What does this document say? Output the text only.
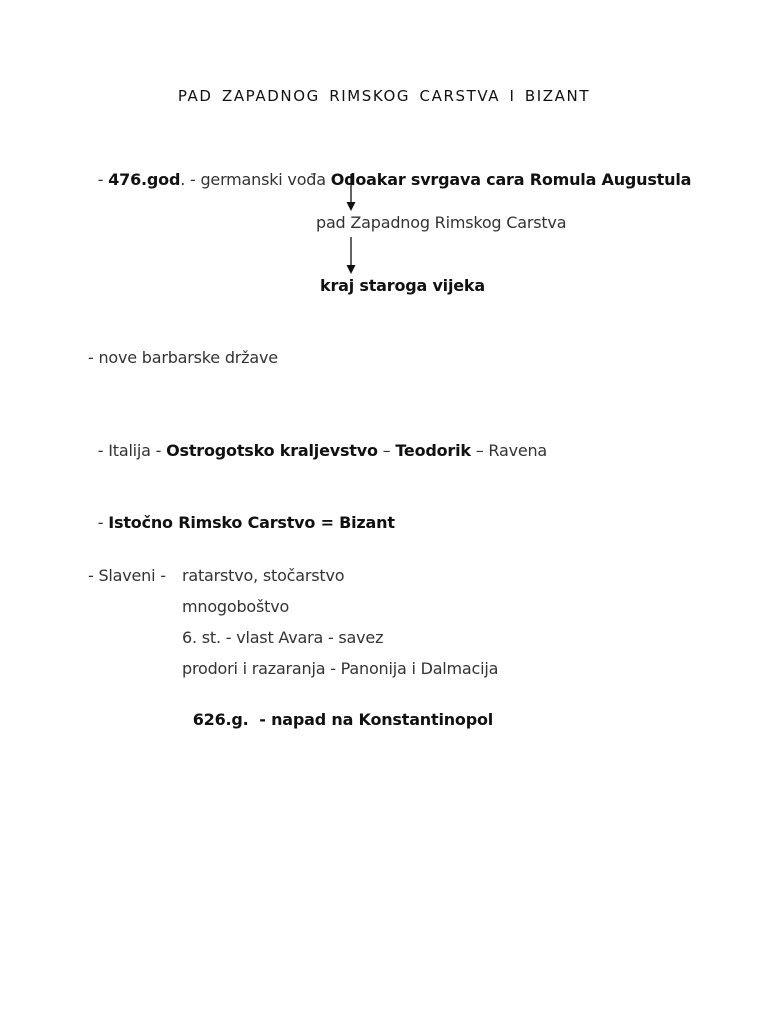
PAD ZAPADNOG RIMSKOG CARSTVA I BIZANT

- 476.god. - germanski vođa Odoakar svrgava cara Romula Augustula

pad Zapadnog Rimskog Carstva
kraj staroga vijeka
- nove barbarske države

- Italija - Ostrogotsko kraljevstvo – Teodorik – Ravena

- Istočno Rimsko Carstvo = Bizant

- Slaveni - ratarstvo, stočarstvo
mnogoboštvo
6. st. - vlast Avara - savez
prodori i razaranja - Panonija i Dalmacija

626.g.  - napad na Konstantinopol
